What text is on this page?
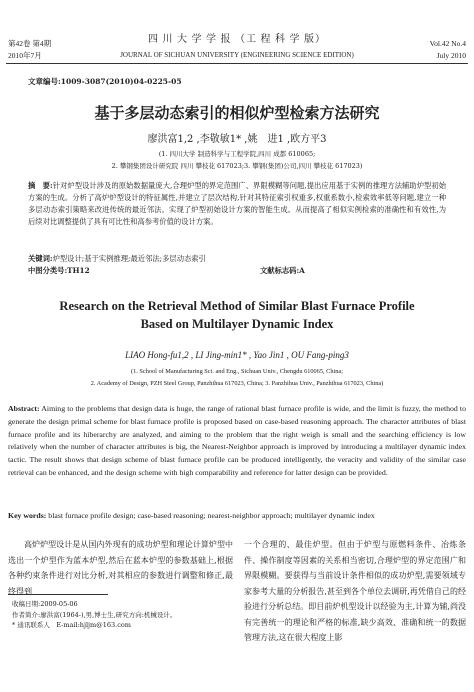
第42卷 第4期
2010年7月
四 川 大 学 学 报 （工 程 科 学 版）
JOURNAL OF SICHUAN UNIVERSITY (ENGINEERING SCIENCE EDITION)
Vol.42 No.4
July 2010
文章编号:1009-3087(2010)04-0225-05
基于多层动态索引的相似炉型检索方法研究
廖洪富1,2 ,李敬敏1* ,姚　进1 ,欧方平3
(1. 四川大学 制造科学与工程学院,四川 成都 610065;
2. 攀钢集团设计研究院 四川 攀枝花 617023;3. 攀钢(集团)公司,四川 攀枝花 617023)
摘　要:针对炉型设计涉及的原始数据量庞大,合理炉型的界定范围广、界限模糊等问题,提出应用基于实例的推理方法辅助炉型初始方案的生成。分析了高炉炉型设计的特征属性,并建立了层次结构,针对其特征索引权重多,权重系数小,检索效率低等问题,建立一种多层动态索引策略来改进传统的最近邻法。实现了炉型初始设计方案的智能生成。从而提高了相似实例检索的准确性和有效性,为后续对比调整提供了具有可比性和高参考价值的设计方案。
关键词:炉型设计;基于实例推理;最近邻法;多层动态索引
中图分类号:TH12	文献标志码:A
Research on the Retrieval Method of Similar Blast Furnace Profile
Based on Multilayer Dynamic Index
LIAO Hong-fu1,2 , LI Jing-min1* , Yao Jin1 , OU Fang-ping3
(1. School of Manufacturing Sci. and Eng., Sichuan Univ., Chengdu 610065, China;
2. Academy of Design, PZH Steel Group, Panzhihua 617023, China; 3. Panzhihua Univ., Panzhihua 617023, China)
Abstract: Aiming to the problems that design data is huge, the range of rational blast furnace profile is wide, and the limit is fuzzy, the method to generate the design primal scheme for blast furnace profile is proposed based on case-based reasoning approach. The character attributes of blast furnace profile and its hiberarchy are analyzed, and aiming to the problem that the right weigh is small and the searching efficiency is low relatively when the number of character attributes is big, the Nearest-Neighbor approach is improved by introducing a multilayer dynamic index tactic. The result shows that design scheme of blast furnace profile can be produced intelligently, the veracity and validity of the similar case retrieval can be enhanced, and the design scheme with high comparability and reference for latter design can be provided.
Key words: blast furnace profile design; case-based reasoning; nearest-neighbor approach; multilayer dynamic index
高炉炉型设计是从国内外现有的成功炉型和理论计算炉型中选出一个炉型作为蓝本炉型,然后在蓝本炉型的参数基础上,根据各种约束条件进行对比分析,对其相应的参数进行调整和修正,最终得到
一个合理的、最佳炉型。但由于炉型与原燃料条件、冶炼条件、操作制度等因素的关系相当密切,合理炉型的界定范围广和界限模糊。要获得与当前设计条件相似的成功炉型,需要领域专家参考大量的分析报告,甚至到各个单位去调研,再凭借自己的经验进行分析总结。即目前炉机型设计以经验为主,计算为辅,尚没有完善统一的理论和严格的标准,缺少高效、准确和统一的数据管理方法,这在很大程度上影
收稿日期:2009-05-06
作者简介:廖洪富(1964-),男,博士生,研究方向:机械设计。
* 通讯联系人　E-mail:hjljm@163.com
